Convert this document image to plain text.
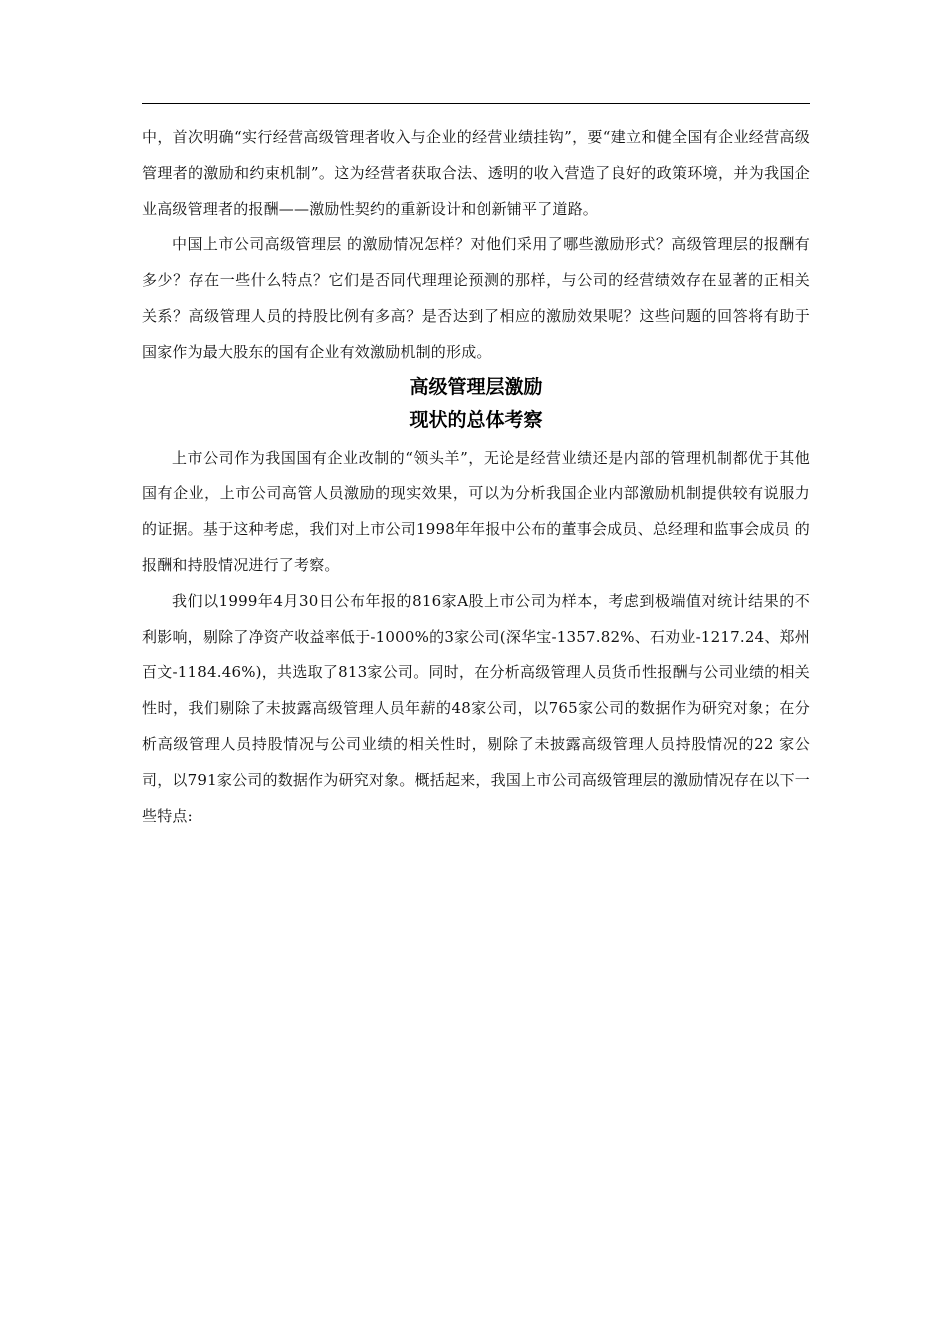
中，首次明确“实行经营高级管理者收入与企业的经营业绩挂钩”，要“建立和健全国有企业经营高级管理者的激励和约束机制”。这为经营者获取合法、透明的收入营造了良好的政策环境，并为我国企业高级管理者的报酬——激励性契约的重新设计和创新铺平了道路。

中国上市公司高级管理层 的激励情况怎样？对他们采用了哪些激励形式？高级管理层的报酬有多少？存在一些什么特点？它们是否同代理理论预测的那样，与公司的经营绩效存在显著的正相关关系？高级管理人员的持股比例有多高？是否达到了相应的激励效果呢？这些问题的回答将有助于国家作为最大股东的国有企业有效激励机制的形成。

高级管理层激励

现状的总体考察

上市公司作为我国国有企业改制的“领头羊”，无论是经营业绩还是内部的管理机制都优于其他国有企业，上市公司高管人员激励的现实效果，可以为分析我国企业内部激励机制提供较有说服力的证据。基于这种考虑，我们对上市公司1998年年报中公布的董事会成员、总经理和监事会成员 的报酬和持股情况进行了考察。

我们以1999年4月30日公布年报的816家A股上市公司为样本，考虑到极端值对统计结果的不利影响，剔除了净资产收益率低于-1000%的3家公司(深华宝-1357.82%、石劝业-1217.24、郑州百文-1184.46%)，共选取了813家公司。同时，在分析高级管理人员货币性报酬与公司业绩的相关性时，我们剔除了未披露高级管理人员年薪的48家公司，以765家公司的数据作为研究对象；在分析高级管理人员持股情况与公司业绩的相关性时，剔除了未披露高级管理人员持股情况的22 家公司，以791家公司的数据作为研究对象。概括起来，我国上市公司高级管理层的激励情况存在以下一些特点:
